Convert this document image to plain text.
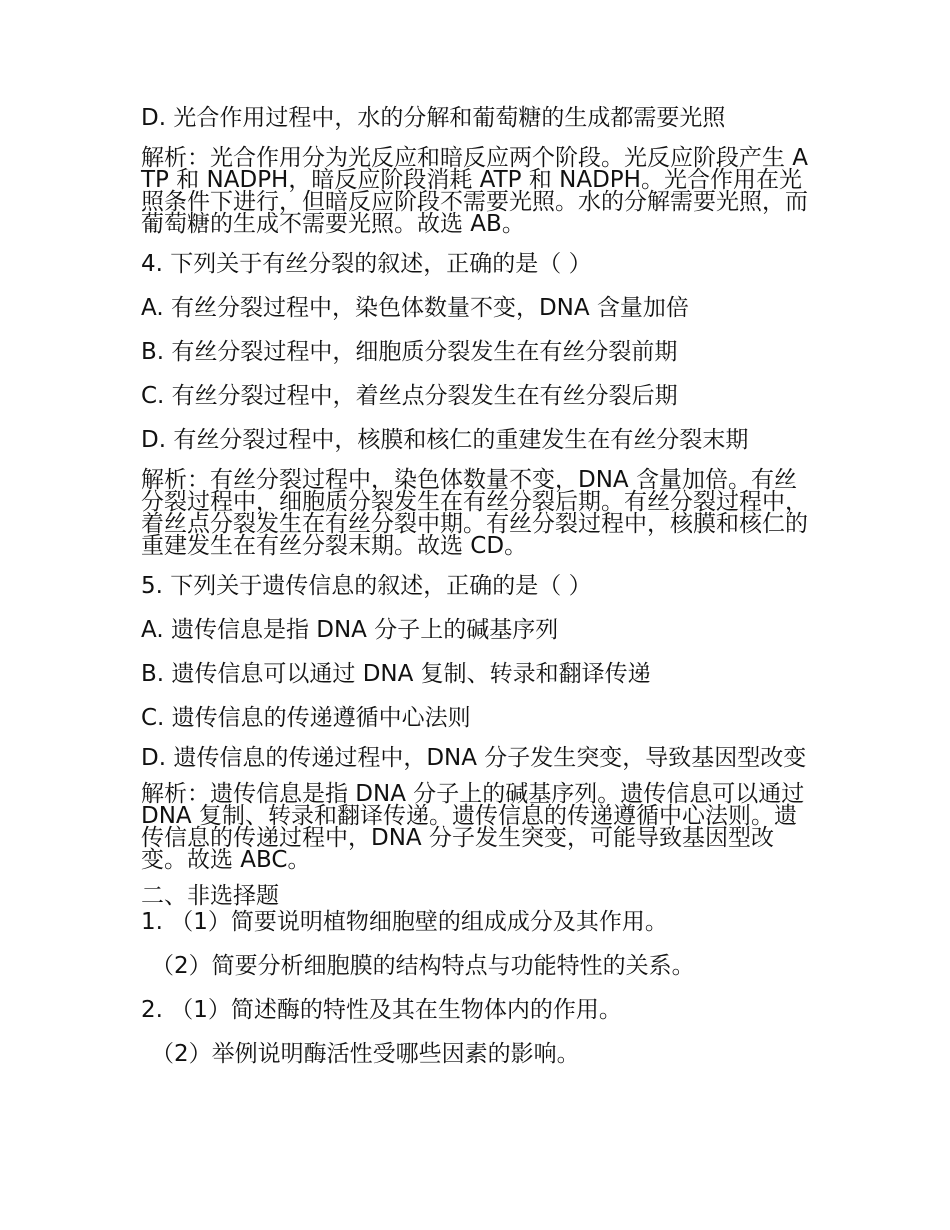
D. 光合作用过程中，水的分解和葡萄糖的生成都需要光照
解析：光合作用分为光反应和暗反应两个阶段。光反应阶段产生 ATP 和 NADPH，暗反应阶段消耗 ATP 和 NADPH。光合作用在光照条件下进行，但暗反应阶段不需要光照。水的分解需要光照，而葡萄糖的生成不需要光照。故选 AB。
4. 下列关于有丝分裂的叙述，正确的是（ ）
A. 有丝分裂过程中，染色体数量不变，DNA 含量加倍
B. 有丝分裂过程中，细胞质分裂发生在有丝分裂前期
C. 有丝分裂过程中，着丝点分裂发生在有丝分裂后期
D. 有丝分裂过程中，核膜和核仁的重建发生在有丝分裂末期
解析：有丝分裂过程中，染色体数量不变，DNA 含量加倍。有丝分裂过程中，细胞质分裂发生在有丝分裂后期。有丝分裂过程中，着丝点分裂发生在有丝分裂中期。有丝分裂过程中，核膜和核仁的重建发生在有丝分裂末期。故选 CD。
5. 下列关于遗传信息的叙述，正确的是（ ）
A. 遗传信息是指 DNA 分子上的碱基序列
B. 遗传信息可以通过 DNA 复制、转录和翻译传递
C. 遗传信息的传递遵循中心法则
D. 遗传信息的传递过程中，DNA 分子发生突变，导致基因型改变
解析：遗传信息是指 DNA 分子上的碱基序列。遗传信息可以通过 DNA 复制、转录和翻译传递。遗传信息的传递遵循中心法则。遗传信息的传递过程中，DNA 分子发生突变，可能导致基因型改变。故选 ABC。
二、非选择题
1. （1）简要说明植物细胞壁的组成成分及其作用。
（2）简要分析细胞膜的结构特点与功能特性的关系。
2. （1）简述酶的特性及其在生物体内的作用。
（2）举例说明酶活性受哪些因素的影响。
